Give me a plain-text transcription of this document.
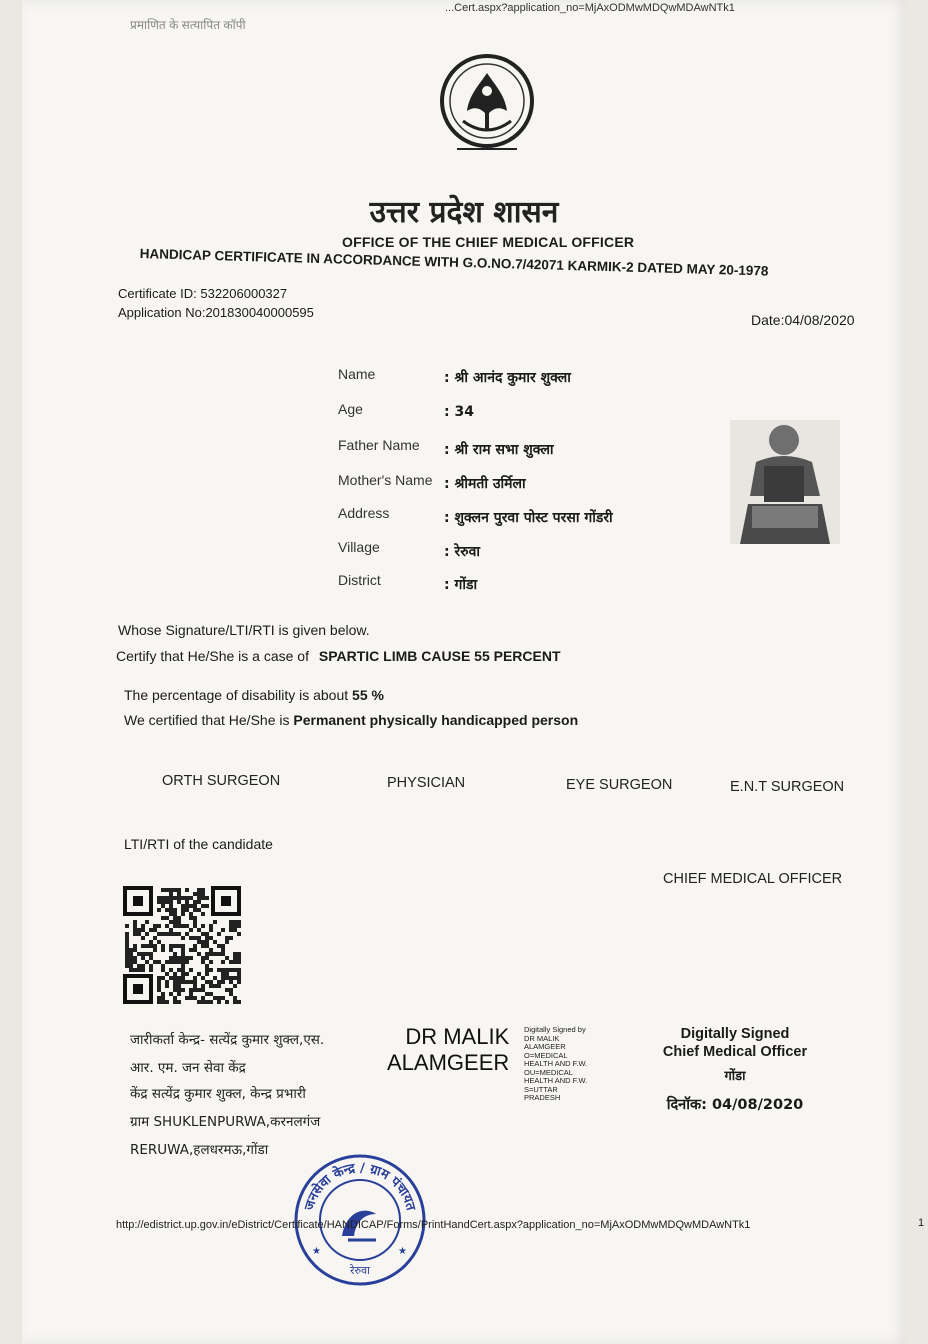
...Cert.aspx?application_no=MjAxODMwMDQwMDAwNTk1
प्रमाणित के सत्यापित कॉपी
उत्तर प्रदेश शासन
OFFICE OF THE CHIEF MEDICAL OFFICER
HANDICAP CERTIFICATE IN ACCORDANCE WITH G.O.NO.7/42071 KARMIK-2 DATED MAY 20-1978
Certificate ID: 532206000327
Application No:201830040000595	Date:04/08/2020
Name	: श्री आनंद कुमार शुक्ला
Age	: 34
Father Name : श्री राम सभा शुक्ला
Mother's Name : श्रीमती उर्मिला
Address	: शुक्लन पुरवा पोस्ट परसा गोंडरी
Village	: रेरुवा
District	: गोंडा
Whose Signature/LTI/RTI is given below.
Certify that He/She is a case of SPARTIC LIMB CAUSE 55 PERCENT
The percentage of disability is about 55 %
We certified that He/She is Permanent physically handicapped person
ORTH SURGEON	PHYSICIAN	EYE SURGEON	E.N.T SURGEON
LTI/RTI of the candidate
CHIEF MEDICAL OFFICER
जारीकर्ता केन्द्र- सत्येंद्र कुमार शुक्ल,एस.
आर. एम. जन सेवा केंद्र
केंद्र सत्येंद्र कुमार शुक्ल, केन्द्र प्रभारी
ग्राम SHUKLENPURWA,करनलगंज
RERUWA,हलधरमऊ,गोंडा
DR MALIK
ALAMGEER
Digitally Signed by
DR MALIK
ALAMGEER
O=MEDICAL
HEALTH AND F.W.
OU=MEDICAL
HEALTH AND F.W.
S=UTTAR
PRADESH
Digitally Signed
Chief Medical Officer
गोंडा
दिनॉक: 04/08/2020
जनसेवा केन्द्र / ग्राम पंचायत
रेरुवा
★	★
http://edistrict.up.gov.in/eDistrict/Certificate/HANDICAP/Forms/PrintHandCert.aspx?application_no=MjAxODMwMDQwMDAwNTk1	1
